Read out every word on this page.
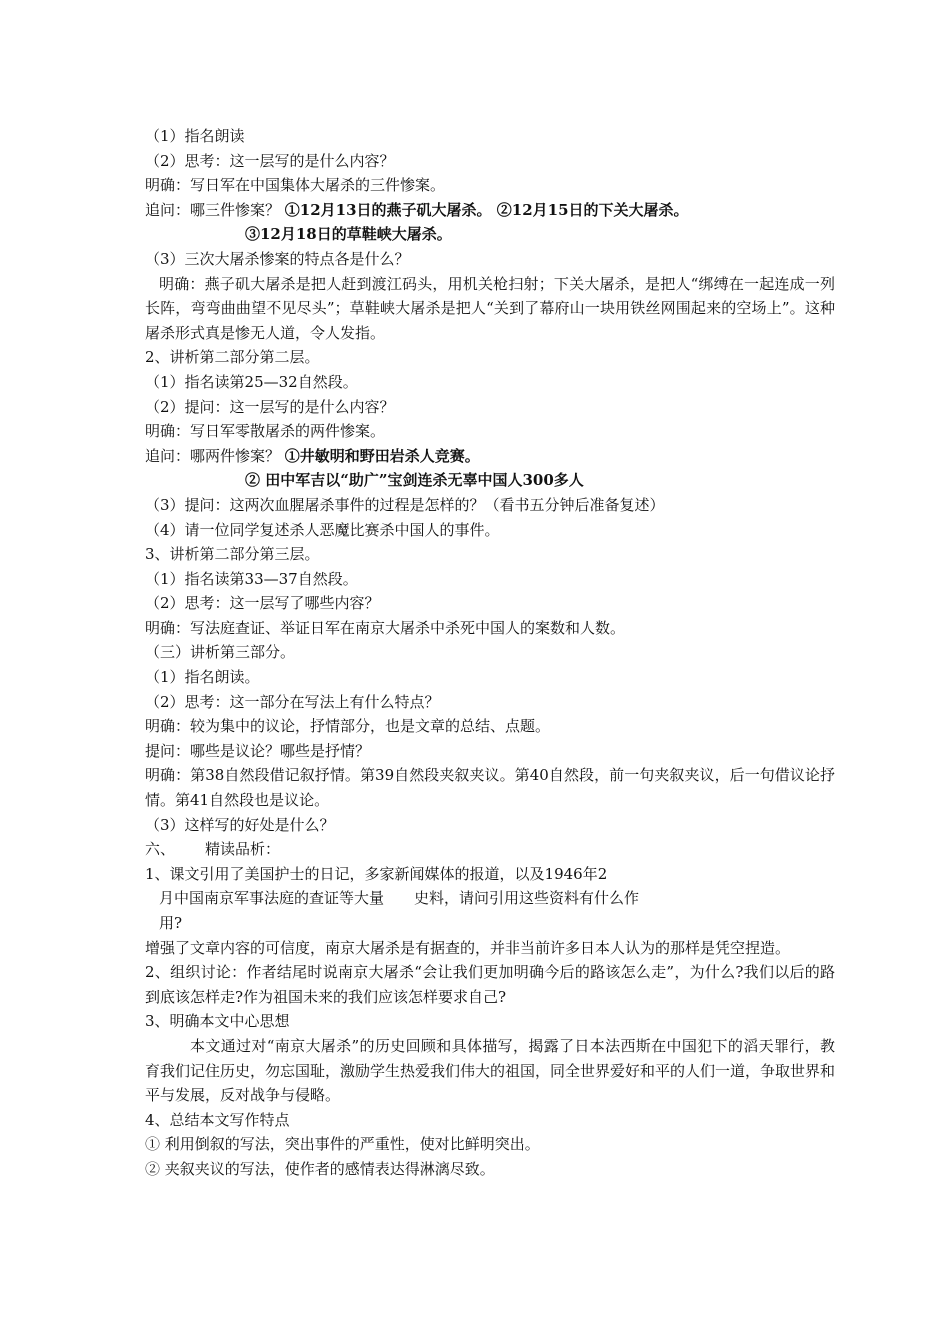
（1）指名朗读
（2）思考：这一层写的是什么内容？
明确：写日军在中国集体大屠杀的三件惨案。
追问：哪三件惨案？ ①12月13日的燕子矶大屠杀。 ②12月15日的下关大屠杀。
③12月18日的草鞋峡大屠杀。
（3）三次大屠杀惨案的特点各是什么？
明确：燕子矶大屠杀是把人赶到渡江码头，用机关枪扫射；下关大屠杀，是把人“绑缚在一起连成一列长阵，弯弯曲曲望不见尽头”；草鞋峡大屠杀是把人“关到了幕府山一块用铁丝网围起来的空场上”。这种屠杀形式真是惨无人道，令人发指。
2、讲析第二部分第二层。
（1）指名读第25—32自然段。
（2）提问：这一层写的是什么内容？
明确：写日军零散屠杀的两件惨案。
追问：哪两件惨案？ ①井敏明和野田岩杀人竞赛。
② 田中军吉以“助广”宝剑连杀无辜中国人300多人
（3）提问：这两次血腥屠杀事件的过程是怎样的？（看书五分钟后准备复述）
（4）请一位同学复述杀人恶魔比赛杀中国人的事件。
3、讲析第二部分第三层。
（1）指名读第33—37自然段。
（2）思考：这一层写了哪些内容？
明确：写法庭查证、举证日军在南京大屠杀中杀死中国人的案数和人数。
（三）讲析第三部分。
（1）指名朗读。
（2）思考：这一部分在写法上有什么特点？
明确：较为集中的议论，抒情部分，也是文章的总结、点题。
提问：哪些是议论？哪些是抒情？
明确：第38自然段借记叙抒情。第39自然段夹叙夹议。第40自然段，前一句夹叙夹议，后一句借议论抒情。第41自然段也是议论。
（3）这样写的好处是什么？
六、 精读品析：
1、课文引用了美国护士的日记，多家新闻媒体的报道，以及1946年2
月中国南京军事法庭的查证等大量 史料，请问引用这些资料有什么作
用?
增强了文章内容的可信度，南京大屠杀是有据查的，并非当前许多日本人认为的那样是凭空捏造。
2、组织讨论：作者结尾时说南京大屠杀“会让我们更加明确今后的路该怎么走”，为什么?我们以后的路到底该怎样走?作为祖国未来的我们应该怎样要求自己?
3、明确本文中心思想
本文通过对“南京大屠杀”的历史回顾和具体描写，揭露了日本法西斯在中国犯下的滔天罪行，教育我们记住历史，勿忘国耻，激励学生热爱我们伟大的祖国，同全世界爱好和平的人们一道，争取世界和平与发展，反对战争与侵略。
4、总结本文写作特点
① 利用倒叙的写法，突出事件的严重性，使对比鲜明突出。
② 夹叙夹议的写法，使作者的感情表达得淋漓尽致。
